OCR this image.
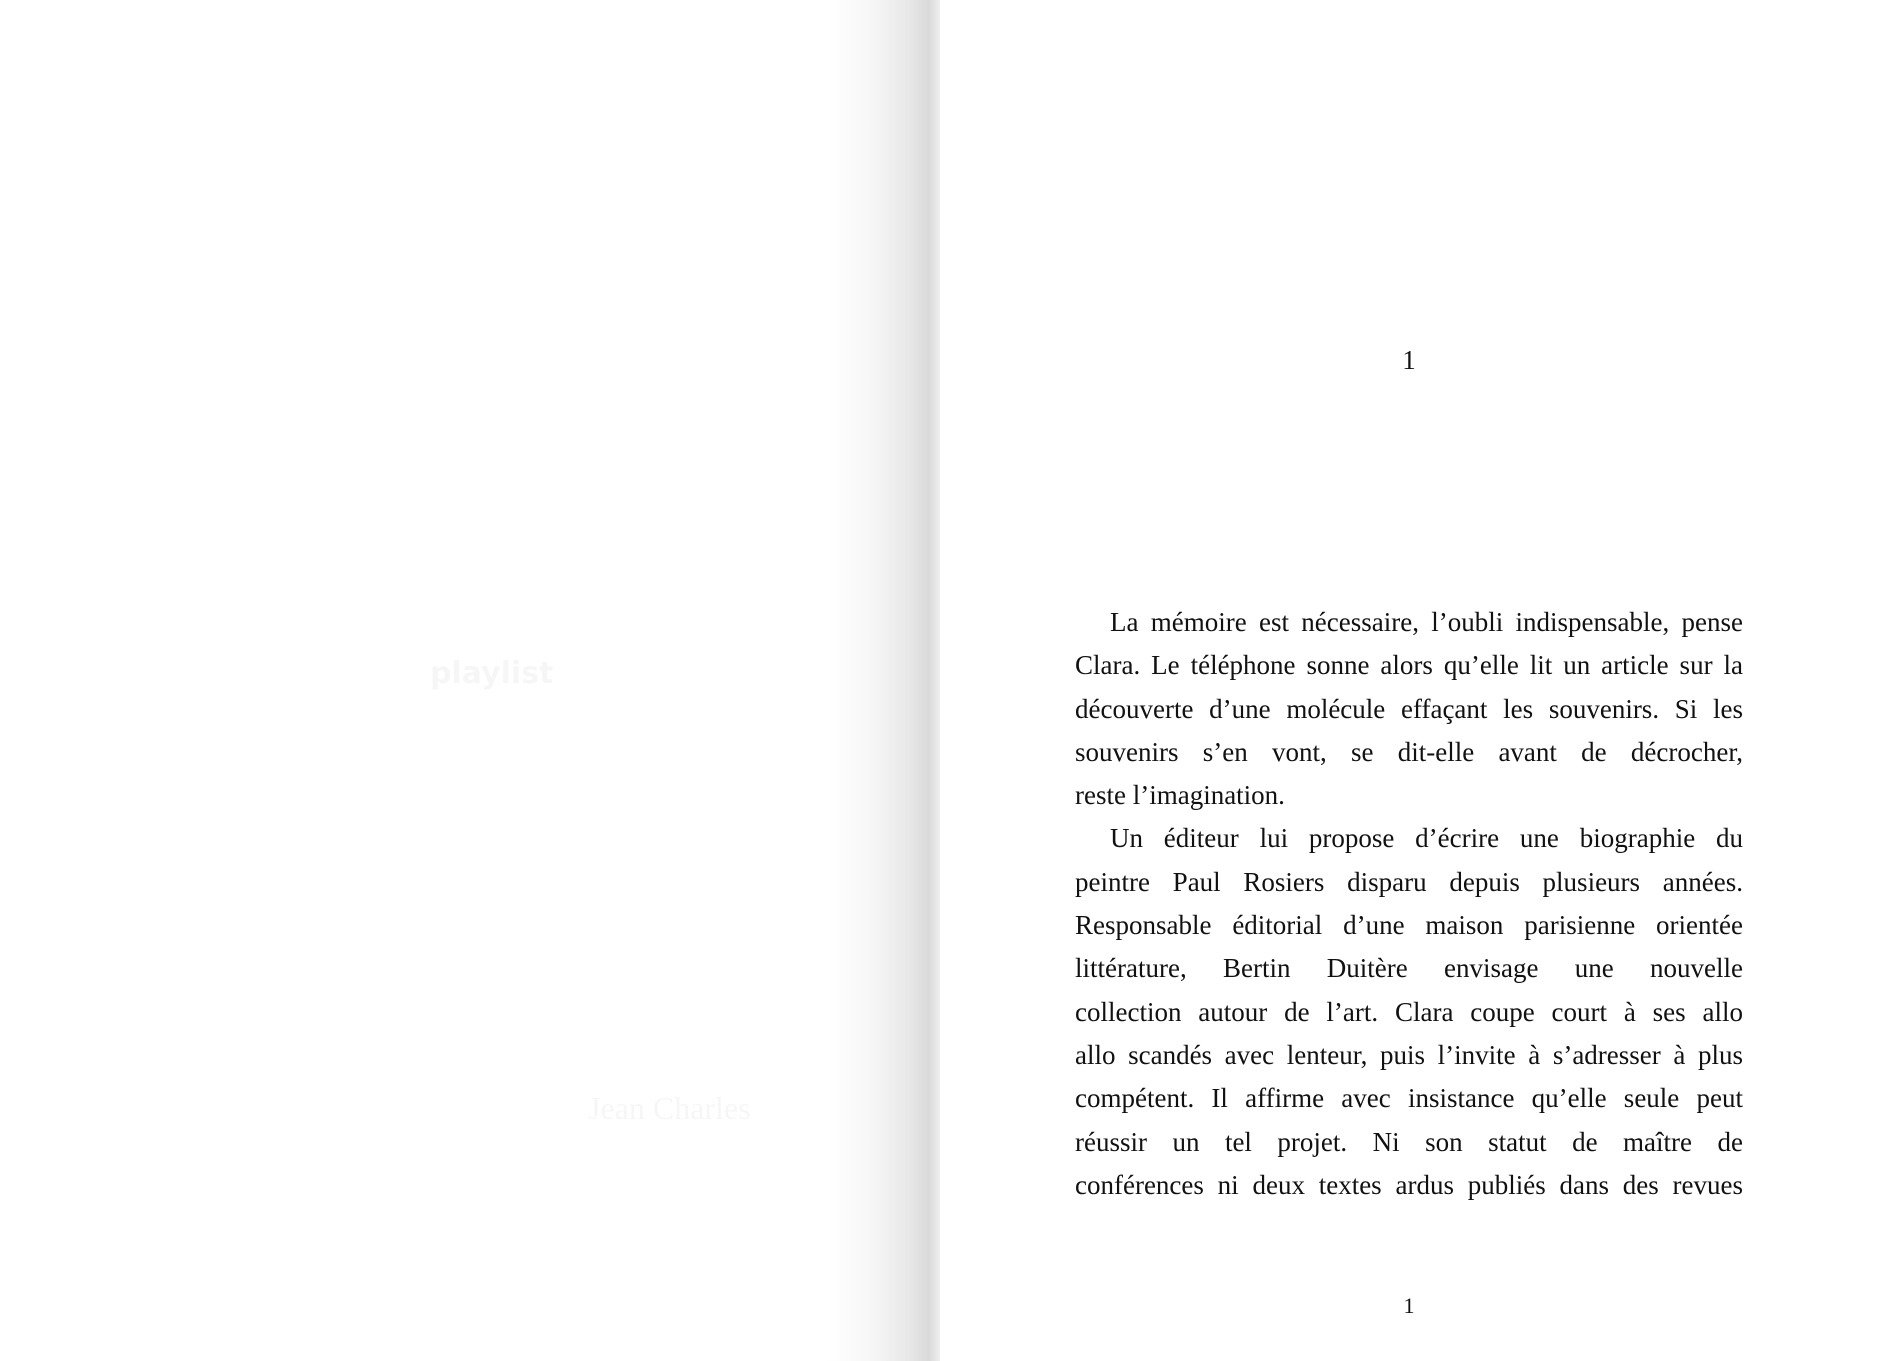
1
La mémoire est nécessaire, l’oubli indispensable, pense
Clara. Le téléphone sonne alors qu’elle lit un article sur la
découverte d’une molécule effaçant les souvenirs. Si les
souvenirs s’en vont, se dit-elle avant de décrocher,
reste l’imagination.
Un éditeur lui propose d’écrire une biographie du
peintre Paul Rosiers disparu depuis plusieurs années.
Responsable éditorial d’une maison parisienne orientée
littérature, Bertin Duitère envisage une nouvelle
collection autour de l’art. Clara coupe court à ses allo
allo scandés avec lenteur, puis l’invite à s’adresser à plus
compétent. Il affirme avec insistance qu’elle seule peut
réussir un tel projet. Ni son statut de maître de
conférences ni deux textes ardus publiés dans des revues
1
